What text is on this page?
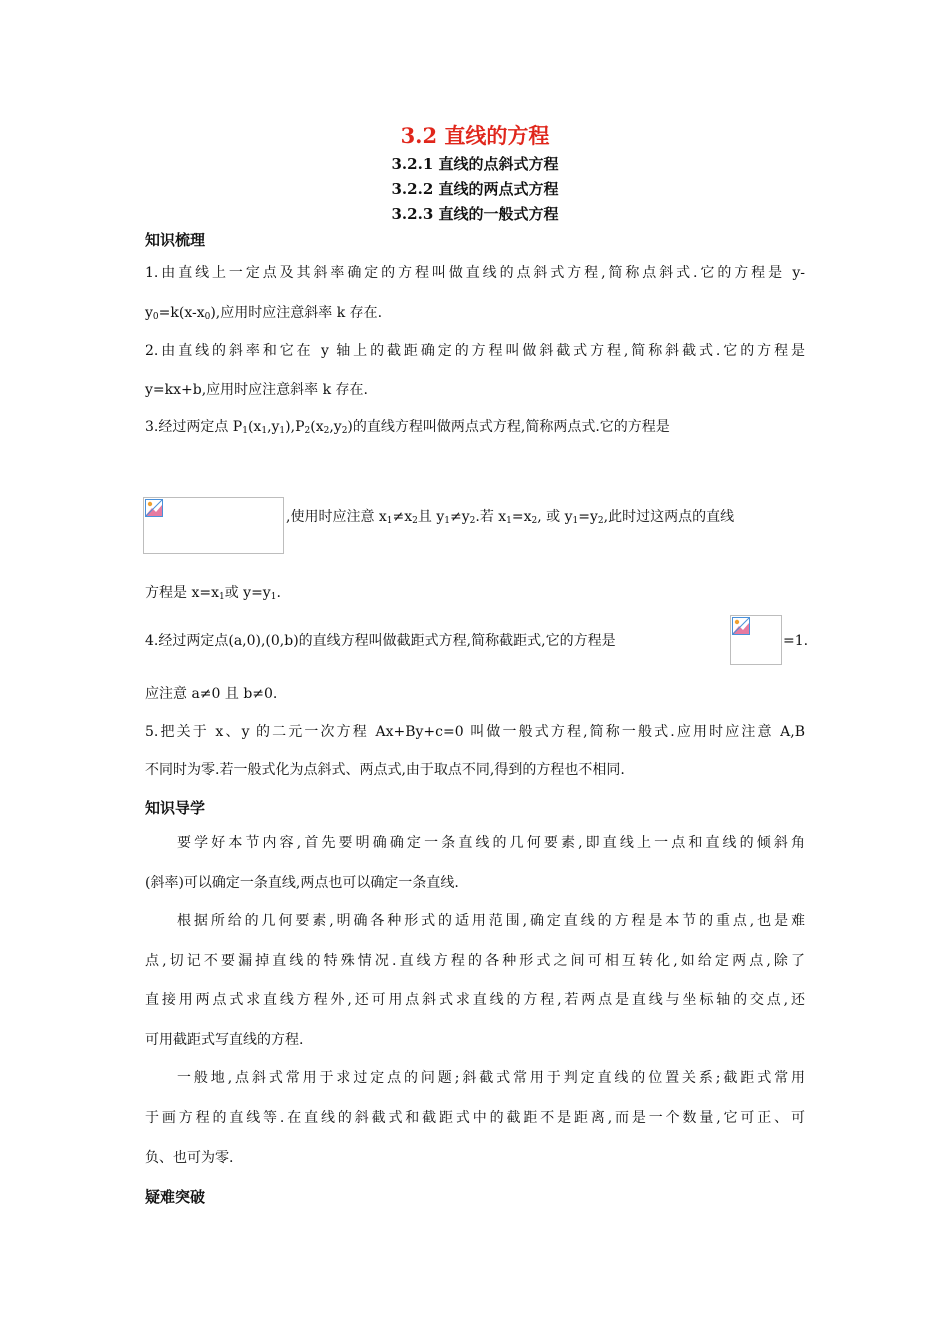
3.2 直线的方程
3.2.1 直线的点斜式方程
3.2.2 直线的两点式方程
3.2.3 直线的一般式方程
知识梳理
1.由直线上一定点及其斜率确定的方程叫做直线的点斜式方程,简称点斜式.它的方程是 y-
$y_0=k(x-x_0)$,应用时应注意斜率 k 存在.
2.由直线的斜率和它在 y 轴上的截距确定的方程叫做斜截式方程,简称斜截式.它的方程是
y=kx+b,应用时应注意斜率 k 存在.
3.经过两定点 $P_1(x_1,y_1),P_2(x_2,y_2)$的直线方程叫做两点式方程,简称两点式.它的方程是
,使用时应注意 $x_1\ne x_2$且 $y_1\ne y_2$.若 $x_1=x_2$, 或 $y_1=y_2$,此时过这两点的直线
方程是 $x=x_1$或 $y=y_1$.
4.经过两定点(a,0),(0,b)的直线方程叫做截距式方程,简称截距式,它的方程是	=1.
应注意 a≠0 且 b≠0.
5.把关于 x、y 的二元一次方程 Ax+By+c=0 叫做一般式方程,简称一般式.应用时应注意 A,B
不同时为零.若一般式化为点斜式、两点式,由于取点不同,得到的方程也不相同.
知识导学
要学好本节内容,首先要明确确定一条直线的几何要素,即直线上一点和直线的倾斜角
(斜率)可以确定一条直线,两点也可以确定一条直线.
根据所给的几何要素,明确各种形式的适用范围,确定直线的方程是本节的重点,也是难
点,切记不要漏掉直线的特殊情况.直线方程的各种形式之间可相互转化,如给定两点,除了
直接用两点式求直线方程外,还可用点斜式求直线的方程,若两点是直线与坐标轴的交点,还
可用截距式写直线的方程.
一般地,点斜式常用于求过定点的问题;斜截式常用于判定直线的位置关系;截距式常用
于画方程的直线等.在直线的斜截式和截距式中的截距不是距离,而是一个数量,它可正、可
负、也可为零.
疑难突破
